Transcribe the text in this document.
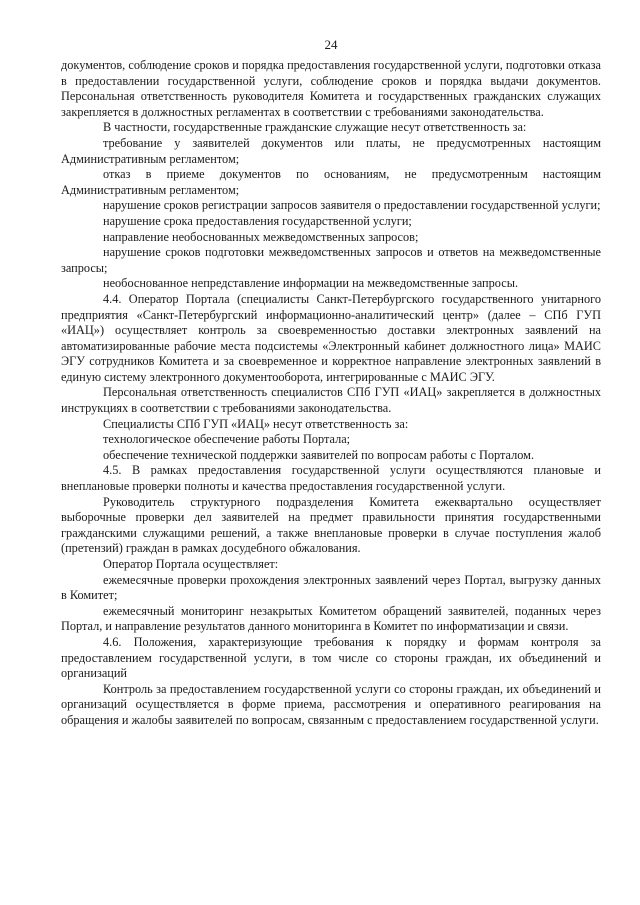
24

документов, соблюдение сроков и порядка предоставления государственной услуги, подготовки отказа в предоставлении государственной услуги, соблюдение сроков и порядка выдачи документов. Персональная ответственность руководителя Комитета и государственных гражданских служащих закрепляется в должностных регламентах в соответствии с требованиями законодательства.

В частности, государственные гражданские служащие несут ответственность за:

требование у заявителей документов или платы, не предусмотренных настоящим Административным регламентом;

отказ в приеме документов по основаниям, не предусмотренным настоящим Административным регламентом;

нарушение сроков регистрации запросов заявителя о предоставлении государственной услуги;

нарушение срока предоставления государственной услуги;

направление необоснованных межведомственных запросов;

нарушение сроков подготовки межведомственных запросов и ответов на межведомственные запросы;

необоснованное непредставление информации на межведомственные запросы.

4.4. Оператор Портала (специалисты Санкт-Петербургского государственного унитарного предприятия «Санкт-Петербургский информационно-аналитический центр» (далее – СПб ГУП «ИАЦ») осуществляет контроль за своевременностью доставки электронных заявлений на автоматизированные рабочие места подсистемы «Электронный кабинет должностного лица» МАИС ЭГУ сотрудников Комитета и за своевременное и корректное направление электронных заявлений в единую систему электронного документооборота, интегрированные с МАИС ЭГУ.

Персональная ответственность специалистов СПб ГУП «ИАЦ» закрепляется в должностных инструкциях в соответствии с требованиями законодательства.

Специалисты СПб ГУП «ИАЦ» несут ответственность за:

технологическое обеспечение работы Портала;

обеспечение технической поддержки заявителей по вопросам работы с Порталом.

4.5. В рамках предоставления государственной услуги осуществляются плановые и внеплановые проверки полноты и качества предоставления государственной услуги.

Руководитель структурного подразделения Комитета ежеквартально осуществляет выборочные проверки дел заявителей на предмет правильности принятия государственными гражданскими служащими решений, а также внеплановые проверки в случае поступления жалоб (претензий) граждан в рамках досудебного обжалования.

Оператор Портала осуществляет:

ежемесячные проверки прохождения электронных заявлений через Портал, выгрузку данных в Комитет;

ежемесячный мониторинг незакрытых Комитетом обращений заявителей, поданных через Портал, и направление результатов данного мониторинга в Комитет по информатизации и связи.

4.6. Положения, характеризующие требования к порядку и формам контроля за предоставлением государственной услуги, в том числе со стороны граждан, их объединений и организаций

Контроль за предоставлением государственной услуги со стороны граждан, их объединений и организаций осуществляется в форме приема, рассмотрения и оперативного реагирования на обращения и жалобы заявителей по вопросам, связанным с предоставлением государственной услуги.
